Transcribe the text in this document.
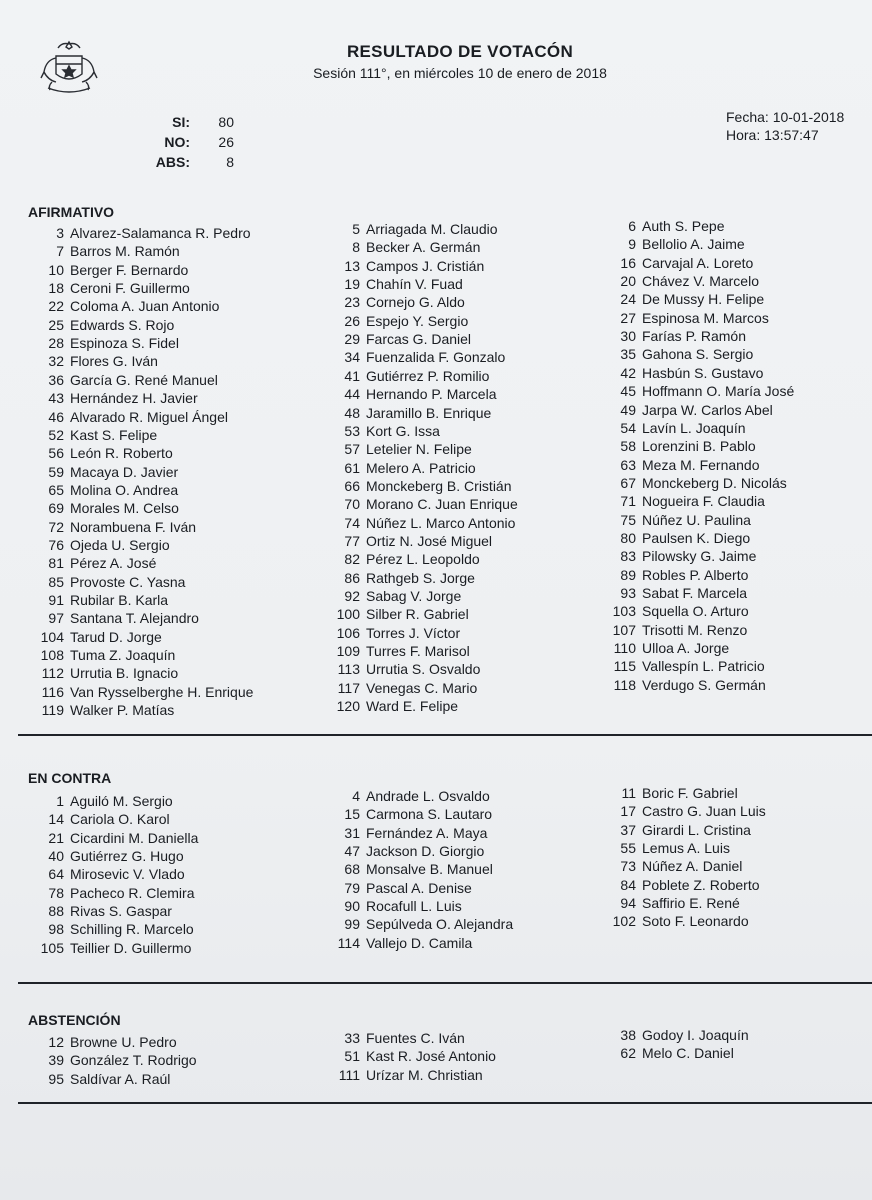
RESULTADO DE VOTACÓN
Sesión 111°, en miércoles 10 de enero de 2018
SI:	80
NO:	26
ABS:	8
Fecha: 10-01-2018
Hora: 13:57:47
AFIRMATIVO
3 Alvarez-Salamanca R. Pedro
7 Barros M. Ramón
10 Berger F. Bernardo
18 Ceroni F. Guillermo
22 Coloma A. Juan Antonio
25 Edwards S. Rojo
28 Espinoza S. Fidel
32 Flores G. Iván
36 García G. René Manuel
43 Hernández H. Javier
46 Alvarado R. Miguel Ángel
52 Kast S. Felipe
56 León R. Roberto
59 Macaya D. Javier
65 Molina O. Andrea
69 Morales M. Celso
72 Norambuena F. Iván
76 Ojeda U. Sergio
81 Pérez A. José
85 Provoste C. Yasna
91 Rubilar B. Karla
97 Santana T. Alejandro
104 Tarud D. Jorge
108 Tuma Z. Joaquín
112 Urrutia B. Ignacio
116 Van Rysselberghe H. Enrique
119 Walker P. Matías
5 Arriagada M. Claudio
8 Becker A. Germán
13 Campos J. Cristián
19 Chahín V. Fuad
23 Cornejo G. Aldo
26 Espejo Y. Sergio
29 Farcas G. Daniel
34 Fuenzalida F. Gonzalo
41 Gutiérrez P. Romilio
44 Hernando P. Marcela
48 Jaramillo B. Enrique
53 Kort G. Issa
57 Letelier N. Felipe
61 Melero A. Patricio
66 Monckeberg B. Cristián
70 Morano C. Juan Enrique
74 Núñez L. Marco Antonio
77 Ortiz N. José Miguel
82 Pérez L. Leopoldo
86 Rathgeb S. Jorge
92 Sabag V. Jorge
100 Silber R. Gabriel
106 Torres J. Víctor
109 Turres F. Marisol
113 Urrutia S. Osvaldo
117 Venegas C. Mario
120 Ward E. Felipe
6 Auth S. Pepe
9 Bellolio A. Jaime
16 Carvajal A. Loreto
20 Chávez V. Marcelo
24 De Mussy H. Felipe
27 Espinosa M. Marcos
30 Farías P. Ramón
35 Gahona S. Sergio
42 Hasbún S. Gustavo
45 Hoffmann O. María José
49 Jarpa W. Carlos Abel
54 Lavín L. Joaquín
58 Lorenzini B. Pablo
63 Meza M. Fernando
67 Monckeberg D. Nicolás
71 Nogueira F. Claudia
75 Núñez U. Paulina
80 Paulsen K. Diego
83 Pilowsky G. Jaime
89 Robles P. Alberto
93 Sabat F. Marcela
103 Squella O. Arturo
107 Trisotti M. Renzo
110 Ulloa A. Jorge
115 Vallespín L. Patricio
118 Verdugo S. Germán
EN CONTRA
1 Aguiló M. Sergio
14 Cariola O. Karol
21 Cicardini M. Daniella
40 Gutiérrez G. Hugo
64 Mirosevic V. Vlado
78 Pacheco R. Clemira
88 Rivas S. Gaspar
98 Schilling R. Marcelo
105 Teillier D. Guillermo
4 Andrade L. Osvaldo
15 Carmona S. Lautaro
31 Fernández A. Maya
47 Jackson D. Giorgio
68 Monsalve B. Manuel
79 Pascal A. Denise
90 Rocafull L. Luis
99 Sepúlveda O. Alejandra
114 Vallejo D. Camila
11 Boric F. Gabriel
17 Castro G. Juan Luis
37 Girardi L. Cristina
55 Lemus A. Luis
73 Núñez A. Daniel
84 Poblete Z. Roberto
94 Saffirio E. René
102 Soto F. Leonardo
ABSTENCIÓN
12 Browne U. Pedro
39 González T. Rodrigo
95 Saldívar A. Raúl
33 Fuentes C. Iván
51 Kast R. José Antonio
111 Urízar M. Christian
38 Godoy I. Joaquín
62 Melo C. Daniel
